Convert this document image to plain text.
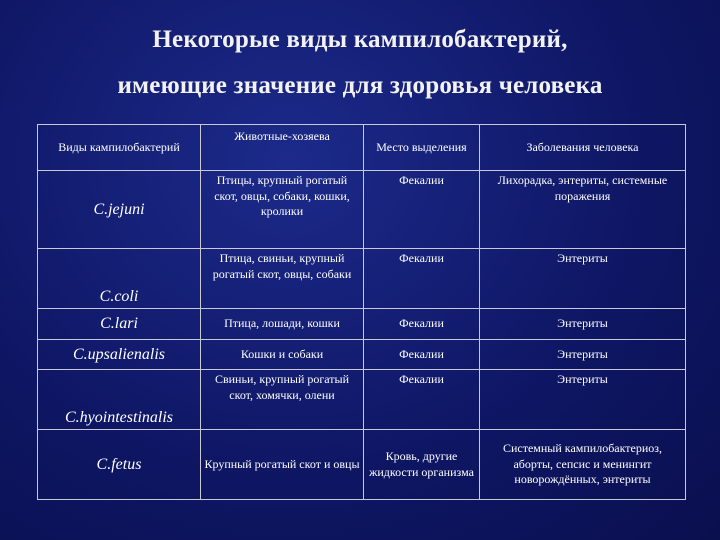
Некоторые виды кампилобактерий,
имеющие значение для здоровья человека
Виды кампилобактерий	Животные-хозяева	Место выделения	Заболевания человека
C.jejuni	Птицы, крупный рогатый скот, овцы, собаки, кошки, кролики	Фекалии	Лихорадка, энтериты, системные поражения
C.coli	Птица, свиньи, крупный рогатый скот, овцы, собаки	Фекалии	Энтериты
C.lari	Птица, лошади, кошки	Фекалии	Энтериты
C.upsalienalis	Кошки и собаки	Фекалии	Энтериты
C.hyointestinalis	Свиньи, крупный рогатый скот, хомячки, олени	Фекалии	Энтериты
C.fetus	Крупный рогатый скот и овцы	Кровь, другие жидкости организма	Системный кампилобактериоз, аборты, сепсис и менингит новорождённых, энтериты
